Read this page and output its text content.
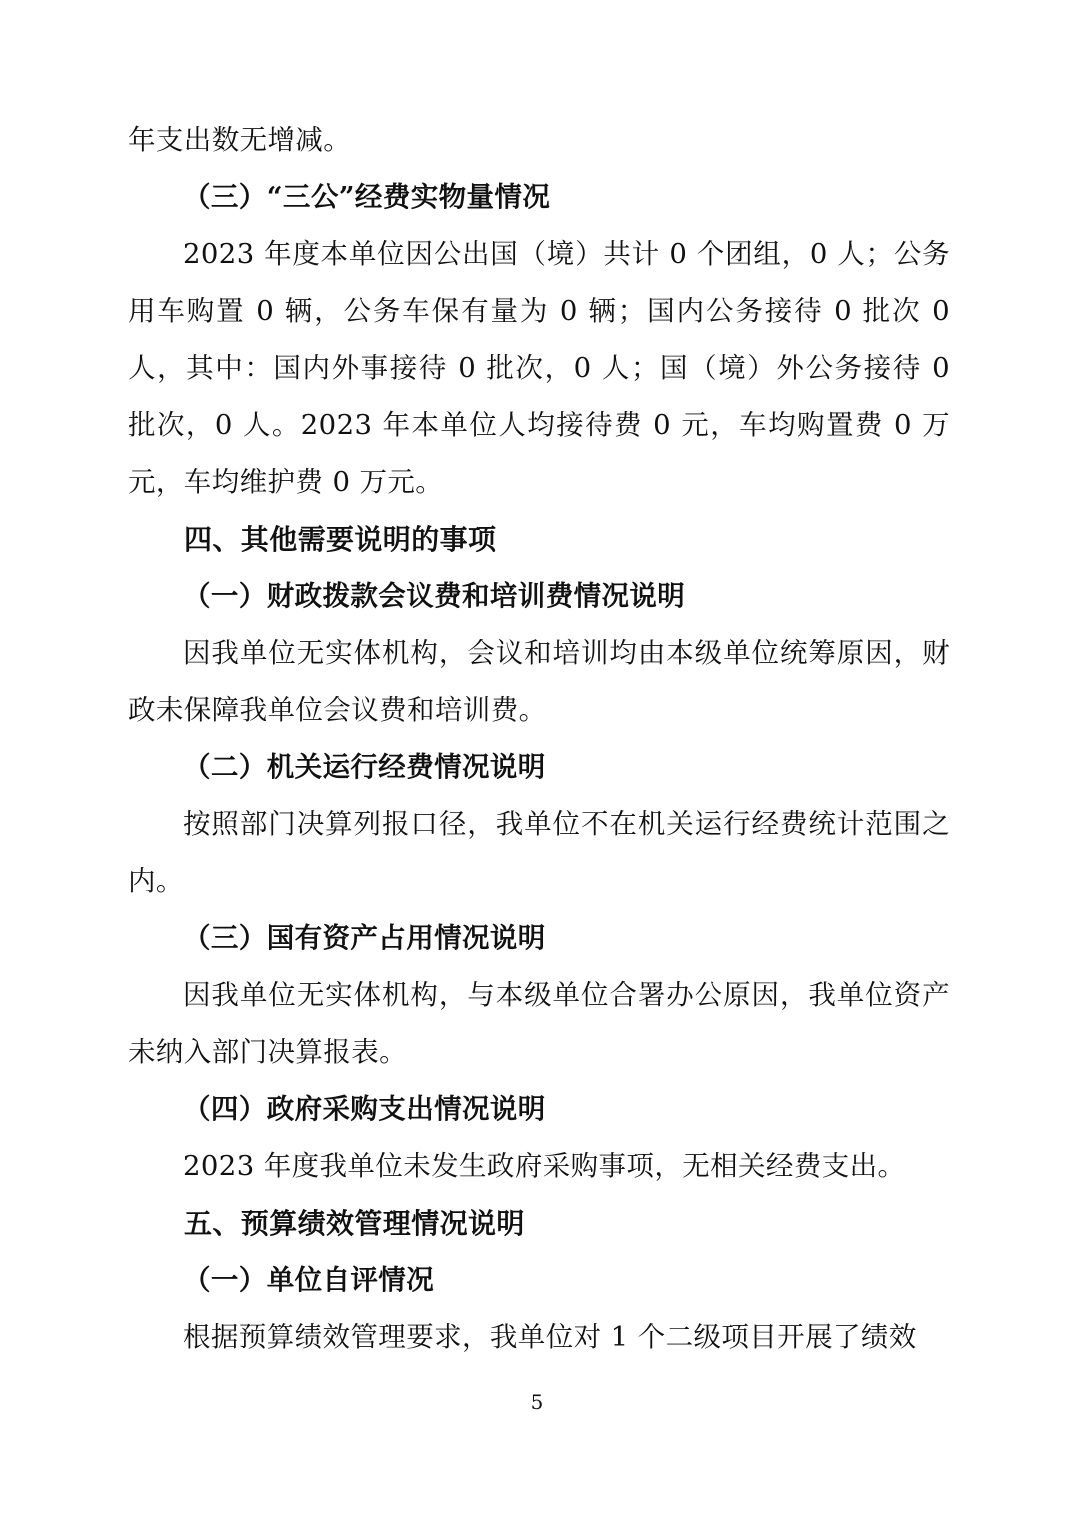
年支出数无增减。

（三）“三公”经费实物量情况

2023 年度本单位因公出国（境）共计 0 个团组，0 人；公务用车购置 0 辆，公务车保有量为 0 辆；国内公务接待 0 批次 0 人，其中：国内外事接待 0 批次，0 人；国（境）外公务接待 0 批次，0 人。2023 年本单位人均接待费 0 元，车均购置费 0 万元，车均维护费 0 万元。

四、其他需要说明的事项

（一）财政拨款会议费和培训费情况说明

因我单位无实体机构，会议和培训均由本级单位统筹原因，财政未保障我单位会议费和培训费。

（二）机关运行经费情况说明

按照部门决算列报口径，我单位不在机关运行经费统计范围之内。

（三）国有资产占用情况说明

因我单位无实体机构，与本级单位合署办公原因，我单位资产未纳入部门决算报表。

（四）政府采购支出情况说明

2023 年度我单位未发生政府采购事项，无相关经费支出。

五、预算绩效管理情况说明

（一）单位自评情况

根据预算绩效管理要求，我单位对 1 个二级项目开展了绩效

5
